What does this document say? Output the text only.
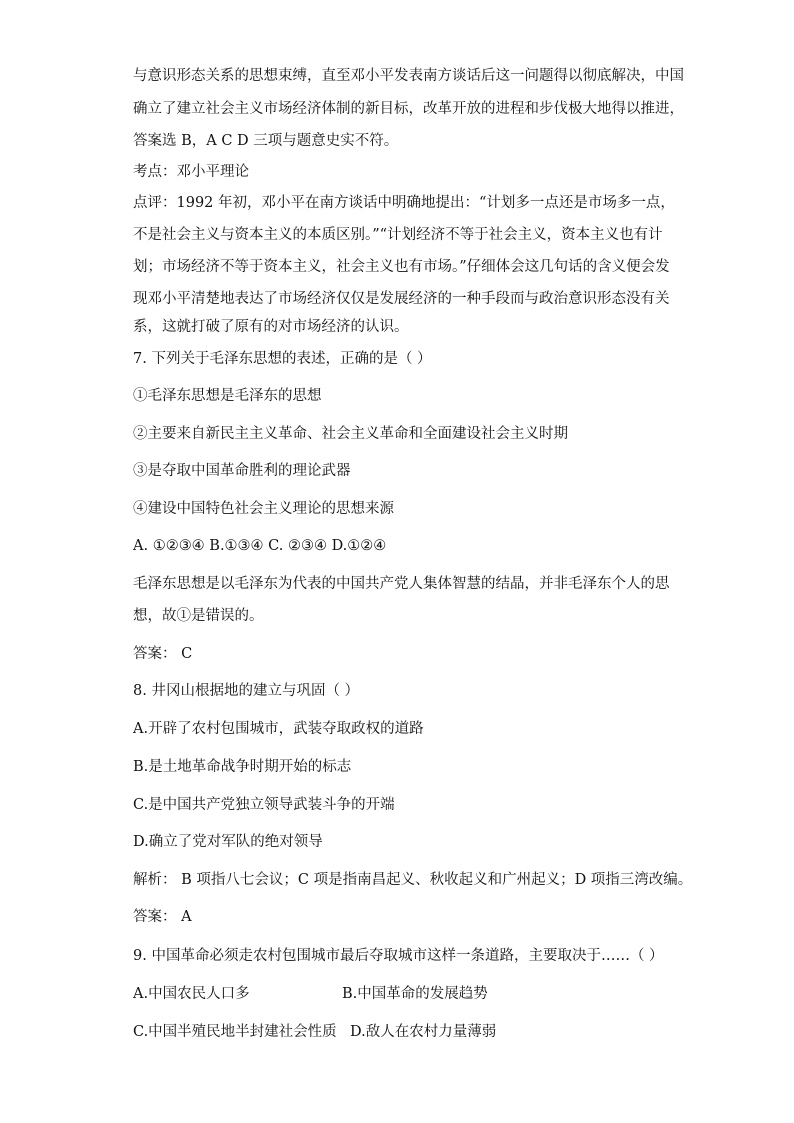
与意识形态关系的思想束缚，直至邓小平发表南方谈话后这一问题得以彻底解决，中国
确立了建立社会主义市场经济体制的新目标，改革开放的进程和步伐极大地得以推进，
答案选 B，A C D 三项与题意史实不符。
考点：邓小平理论
点评：1992 年初，邓小平在南方谈话中明确地提出：“计划多一点还是市场多一点，
不是社会主义与资本主义的本质区别。”“计划经济不等于社会主义，资本主义也有计
划；市场经济不等于资本主义，社会主义也有市场。”仔细体会这几句话的含义便会发
现邓小平清楚地表达了市场经济仅仅是发展经济的一种手段而与政治意识形态没有关
系，这就打破了原有的对市场经济的认识。
7. 下列关于毛泽东思想的表述，正确的是（ ）
①毛泽东思想是毛泽东的思想
②主要来自新民主主义革命、社会主义革命和全面建设社会主义时期
③是夺取中国革命胜利的理论武器
④建设中国特色社会主义理论的思想来源
A. ①②③④ B.①③④ C. ②③④ D.①②④
毛泽东思想是以毛泽东为代表的中国共产党人集体智慧的结晶，并非毛泽东个人的思
想，故①是错误的。
答案： C
8. 井冈山根据地的建立与巩固（ ）
A.开辟了农村包围城市，武装夺取政权的道路
B.是土地革命战争时期开始的标志
C.是中国共产党独立领导武装斗争的开端
D.确立了党对军队的绝对领导
解析： B 项指八七会议；C 项是指南昌起义、秋收起义和广州起义；D 项指三湾改编。
答案： A
9. 中国革命必须走农村包围城市最后夺取城市这样一条道路，主要取决于……（ ）
A.中国农民人口多	B.中国革命的发展趋势
C.中国半殖民地半封建社会性质 D.敌人在农村力量薄弱
